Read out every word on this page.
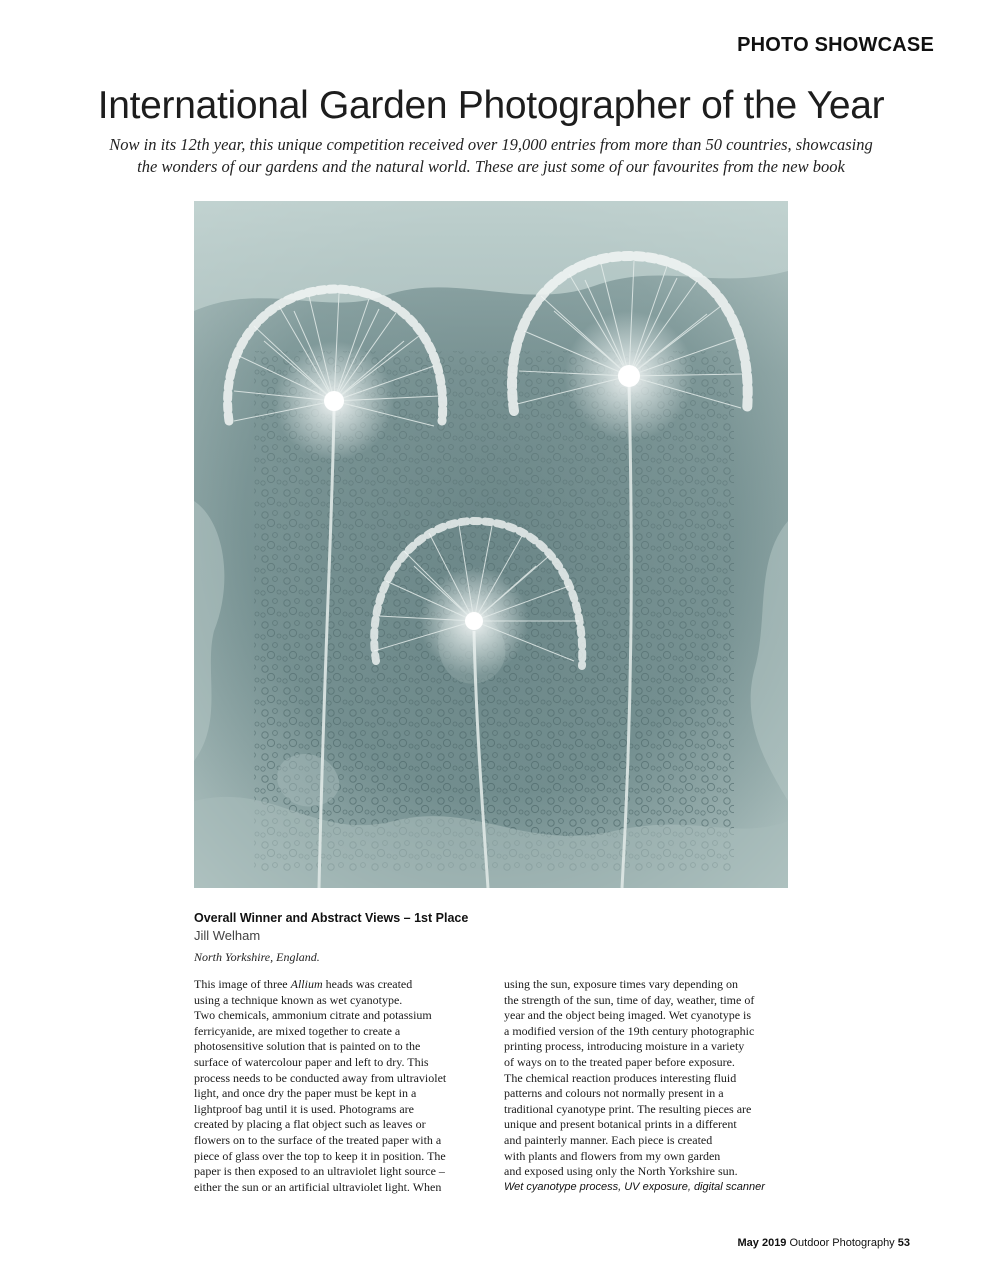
PHOTO SHOWCASE
International Garden Photographer of the Year

Now in its 12th year, this unique competition received over 19,000 entries from more than 50 countries, showcasing
the wonders of our gardens and the natural world. These are just some of our favourites from the new book

Overall Winner and Abstract Views – 1st Place
Jill Welham
North Yorkshire, England.
This image of three Allium heads was created
using a technique known as wet cyanotype.
Two chemicals, ammonium citrate and potassium
ferricyanide, are mixed together to create a
photosensitive solution that is painted on to the
surface of watercolour paper and left to dry. This
process needs to be conducted away from ultraviolet
light, and once dry the paper must be kept in a
lightproof bag until it is used. Photograms are
created by placing a flat object such as leaves or
flowers on to the surface of the treated paper with a
piece of glass over the top to keep it in position. The
paper is then exposed to an ultraviolet light source –
either the sun or an artificial ultraviolet light. When
using the sun, exposure times vary depending on
the strength of the sun, time of day, weather, time of
year and the object being imaged. Wet cyanotype is
a modified version of the 19th century photographic
printing process, introducing moisture in a variety
of ways on to the treated paper before exposure.
The chemical reaction produces interesting fluid
patterns and colours not normally present in a
traditional cyanotype print. The resulting pieces are
unique and present botanical prints in a different
and painterly manner. Each piece is created
with plants and flowers from my own garden
and exposed using only the North Yorkshire sun.
Wet cyanotype process, UV exposure, digital scanner
May 2019 Outdoor Photography 53
